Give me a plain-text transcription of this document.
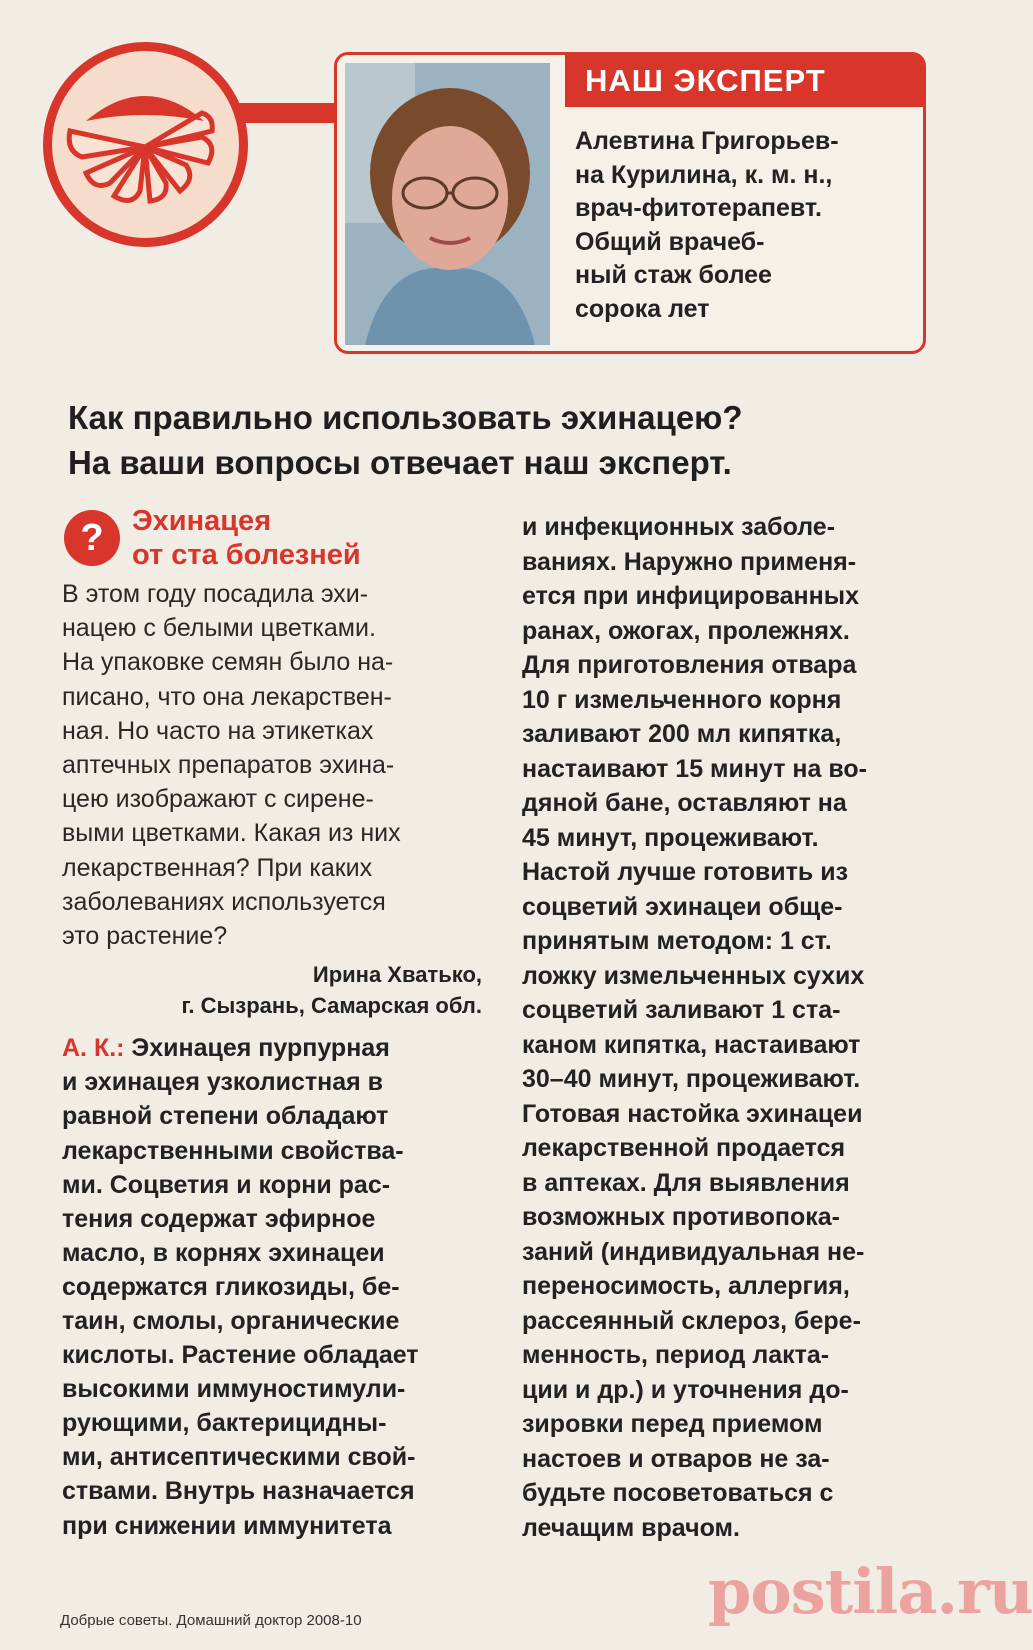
НАШ ЭКСПЕРТ
Алевтина Григорьев-
на Курилина, к. м. н.,
врач-фитотерапевт.
Общий врачеб-
ный стаж более
сорока лет
Как правильно использовать эхинацею?
На ваши вопросы отвечает наш эксперт.
? Эхинацея
от ста болезней

В этом году посадила эхи-
нацею с белыми цветками.
На упаковке семян было на-
писано, что она лекарствен-
ная. Но часто на этикетках
аптечных препаратов эхина-
цею изображают с сирене-
выми цветками. Какая из них
лекарственная? При каких
заболеваниях используется
это растение?

Ирина Хватько,
г. Сызрань, Самарская обл.

А. К.: Эхинацея пурпурная
и эхинацея узколистная в
равной степени обладают
лекарственными свойства-
ми. Соцветия и корни рас-
тения содержат эфирное
масло, в корнях эхинацеи
содержатся гликозиды, бе-
таин, смолы, органические
кислоты. Растение обладает
высокими иммуностимули-
рующими, бактерицидны-
ми, антисептическими свой-
ствами. Внутрь назначается
при снижении иммунитета

и инфекционных заболе-
ваниях. Наружно применя-
ется при инфицированных
ранах, ожогах, пролежнях.
Для приготовления отвара
10 г измельченного корня
заливают 200 мл кипятка,
настаивают 15 минут на во-
дяной бане, оставляют на
45 минут, процеживают.
Настой лучше готовить из
соцветий эхинацеи обще-
принятым методом: 1 ст.
ложку измельченных сухих
соцветий заливают 1 ста-
каном кипятка, настаивают
30–40 минут, процеживают.
Готовая настойка эхинацеи
лекарственной продается
в аптеках. Для выявления
возможных противопока-
заний (индивидуальная не-
переносимость, аллергия,
рассеянный склероз, бере-
менность, период лакта-
ции и др.) и уточнения до-
зировки перед приемом
настоев и отваров не за-
будьте посоветоваться с
лечащим врачом.
Добрые советы. Домашний доктор 2008-10	postila.ru
